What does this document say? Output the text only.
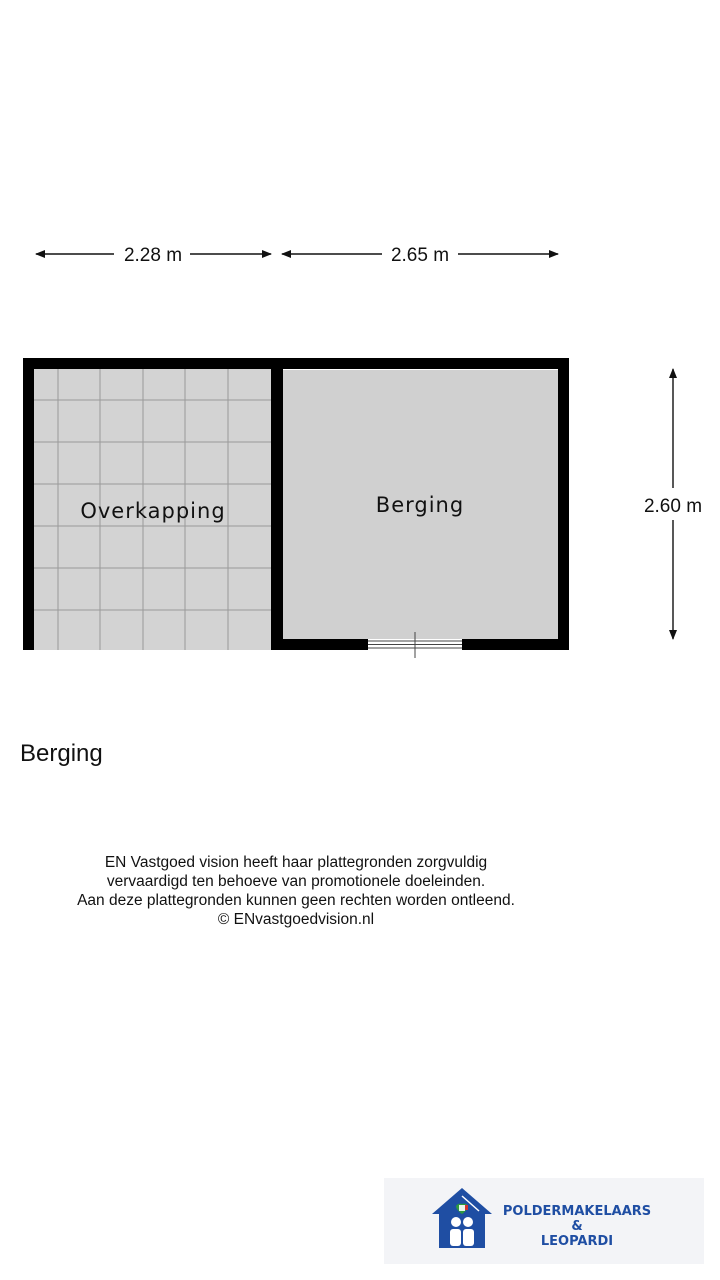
2.28 m	2.65 m
2.60 m
Overkapping	Berging
Berging
EN Vastgoed vision heeft haar plattegronden zorgvuldig
vervaardigd ten behoeve van promotionele doeleinden.
Aan deze plattegronden kunnen geen rechten worden ontleend.
© ENvastgoedvision.nl
POLDERMAKELAARS
&
LEOPARDI
